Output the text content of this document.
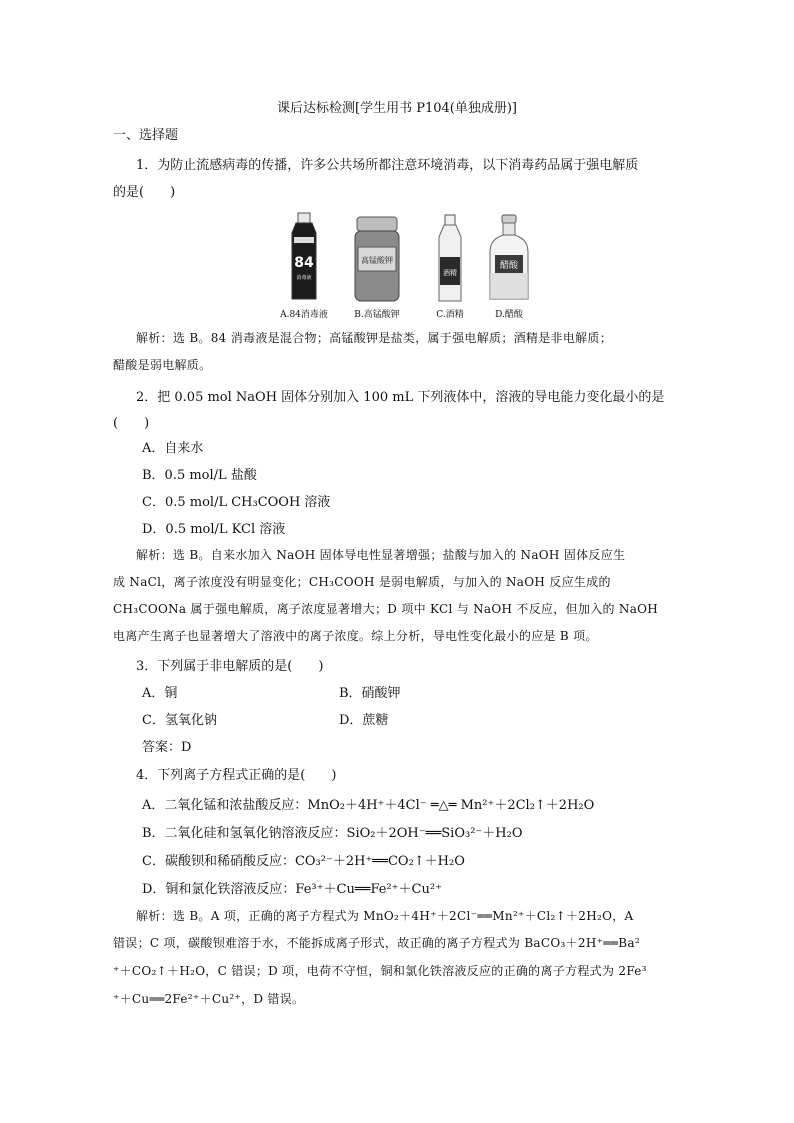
课后达标检测[学生用书 P104(单独成册)]
一、选择题
1．为防止流感病毒的传播，许多公共场所都注意环境消毒，以下消毒药品属于强电解质
的是(　　)
84
消毒液
A.84消毒液
高锰酸钾
B.高锰酸钾
酒精
C.酒精
醋酸
D.醋酸
解析：选 B。84 消毒液是混合物；高锰酸钾是盐类，属于强电解质；酒精是非电解质；
醋酸是弱电解质。
2．把 0.05 mol NaOH 固体分别加入 100 mL 下列液体中，溶液的导电能力变化最小的是
(　　)
A．自来水
B．0.5 mol/L 盐酸
C．0.5 mol/L CH₃COOH 溶液
D．0.5 mol/L KCl 溶液
解析：选 B。自来水加入 NaOH 固体导电性显著增强；盐酸与加入的 NaOH 固体反应生
成 NaCl，离子浓度没有明显变化；CH₃COOH 是弱电解质，与加入的 NaOH 反应生成的
CH₃COONa 属于强电解质，离子浓度显著增大；D 项中 KCl 与 NaOH 不反应，但加入的 NaOH
电离产生离子也显著增大了溶液中的离子浓度。综上分析，导电性变化最小的应是 B 项。
3．下列属于非电解质的是(　　)
A．铜	B．硝酸钾
C．氢氧化钠	D．蔗糖
答案：D
4．下列离子方程式正确的是(　　)
A．二氧化锰和浓盐酸反应：MnO₂＋4H⁺＋4Cl⁻ ═△═ Mn²⁺＋2Cl₂↑＋2H₂O
B．二氧化硅和氢氧化钠溶液反应：SiO₂＋2OH⁻══SiO₃²⁻＋H₂O
C．碳酸钡和稀硝酸反应：CO₃²⁻＋2H⁺══CO₂↑＋H₂O
D．铜和氯化铁溶液反应：Fe³⁺＋Cu══Fe²⁺＋Cu²⁺
解析：选 B。A 项，正确的离子方程式为 MnO₂＋4H⁺＋2Cl⁻══Mn²⁺＋Cl₂↑＋2H₂O，A
错误；C 项，碳酸钡难溶于水，不能拆成离子形式，故正确的离子方程式为 BaCO₃＋2H⁺══Ba²
⁺＋CO₂↑＋H₂O，C 错误；D 项，电荷不守恒，铜和氯化铁溶液反应的正确的离子方程式为 2Fe³
⁺＋Cu══2Fe²⁺＋Cu²⁺，D 错误。
